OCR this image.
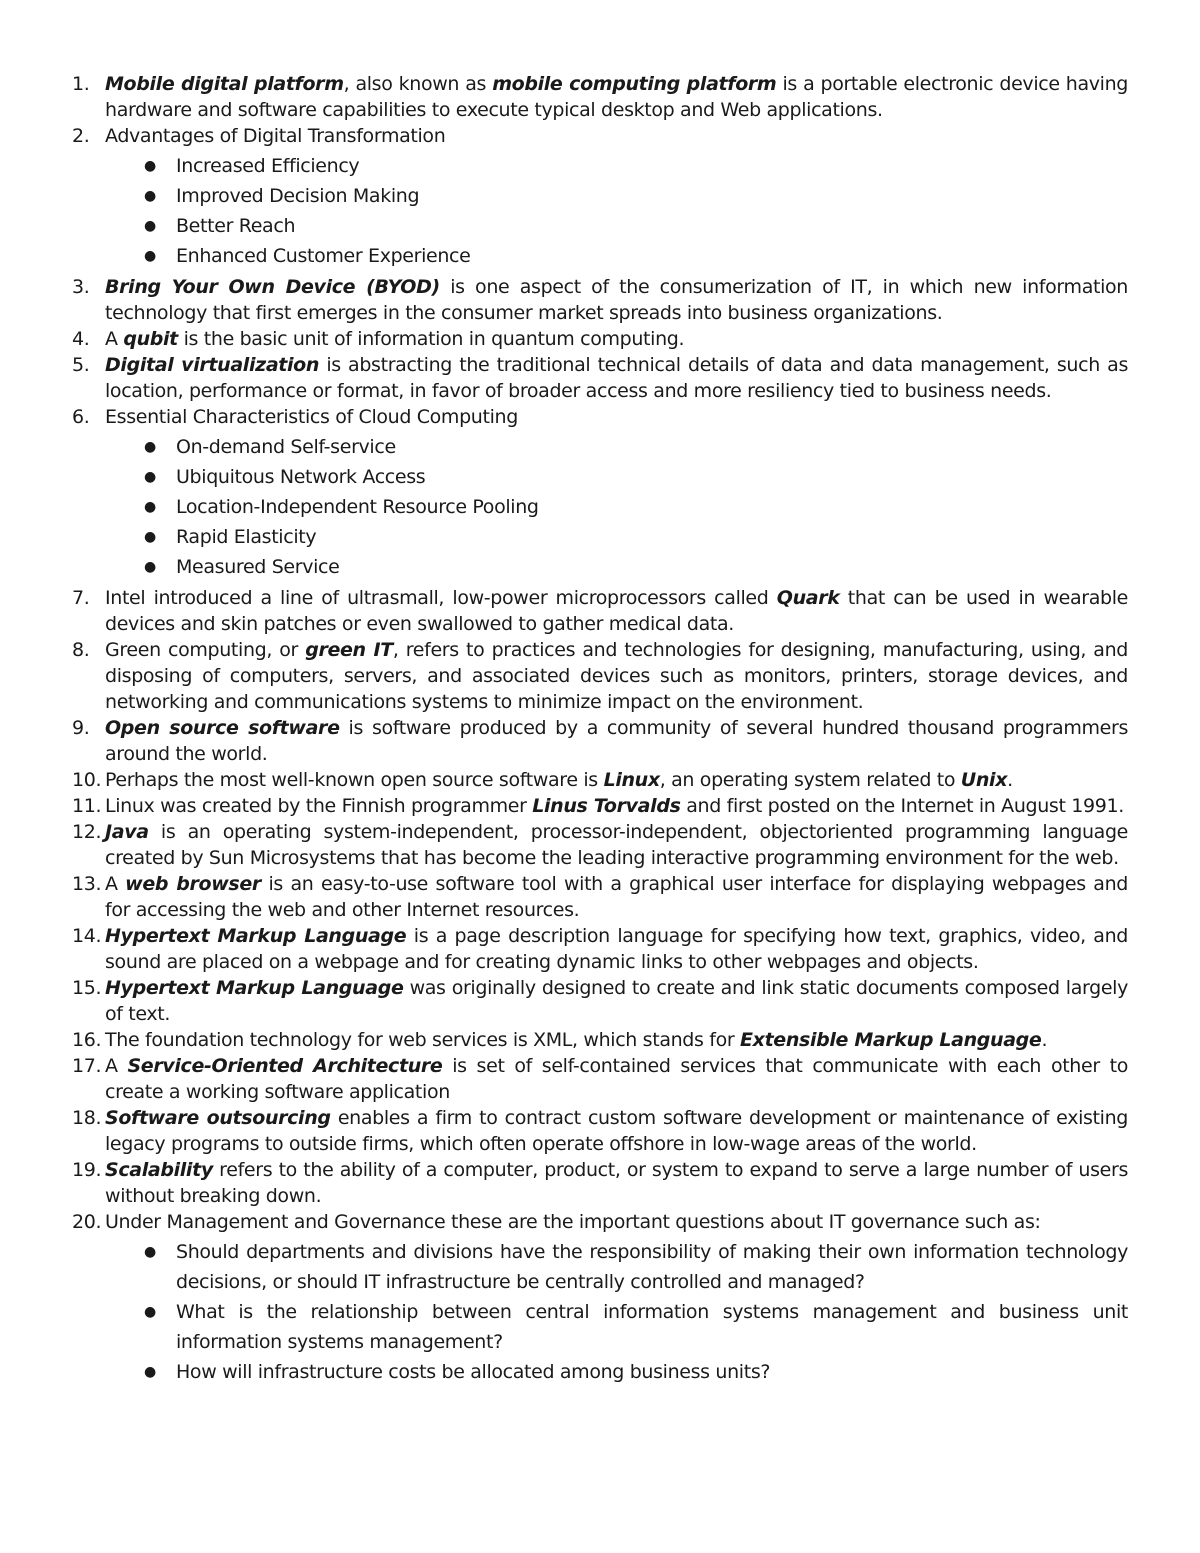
1. Mobile digital platform, also known as mobile computing platform is a portable electronic device having hardware and software capabilities to execute typical desktop and Web applications.
2. Advantages of Digital Transformation
● Increased Efficiency
● Improved Decision Making
● Better Reach
● Enhanced Customer Experience
3. Bring Your Own Device (BYOD) is one aspect of the consumerization of IT, in which new information technology that first emerges in the consumer market spreads into business organizations.
4. A qubit is the basic unit of information in quantum computing.
5. Digital virtualization is abstracting the traditional technical details of data and data management, such as location, performance or format, in favor of broader access and more resiliency tied to business needs.
6. Essential Characteristics of Cloud Computing
● On-demand Self-service
● Ubiquitous Network Access
● Location-Independent Resource Pooling
● Rapid Elasticity
● Measured Service
7. Intel introduced a line of ultrasmall, low-power microprocessors called Quark that can be used in wearable devices and skin patches or even swallowed to gather medical data.
8. Green computing, or green IT, refers to practices and technologies for designing, manufacturing, using, and disposing of computers, servers, and associated devices such as monitors, printers, storage devices, and networking and communications systems to minimize impact on the environment.
9. Open source software is software produced by a community of several hundred thousand programmers around the world.
10. Perhaps the most well-known open source software is Linux, an operating system related to Unix.
11. Linux was created by the Finnish programmer Linus Torvalds and first posted on the Internet in August 1991.
12. Java is an operating system-independent, processor-independent, objectoriented programming language created by Sun Microsystems that has become the leading interactive programming environment for the web.
13. A web browser is an easy-to-use software tool with a graphical user interface for displaying webpages and for accessing the web and other Internet resources.
14. Hypertext Markup Language is a page description language for specifying how text, graphics, video, and sound are placed on a webpage and for creating dynamic links to other webpages and objects.
15. Hypertext Markup Language was originally designed to create and link static documents composed largely of text.
16. The foundation technology for web services is XML, which stands for Extensible Markup Language.
17. A Service-Oriented Architecture is set of self-contained services that communicate with each other to create a working software application
18. Software outsourcing enables a firm to contract custom software development or maintenance of existing legacy programs to outside firms, which often operate offshore in low-wage areas of the world.
19. Scalability refers to the ability of a computer, product, or system to expand to serve a large number of users without breaking down.
20. Under Management and Governance these are the important questions about IT governance such as:
● Should departments and divisions have the responsibility of making their own information technology decisions, or should IT infrastructure be centrally controlled and managed?
● What is the relationship between central information systems management and business unit information systems management?
● How will infrastructure costs be allocated among business units?
